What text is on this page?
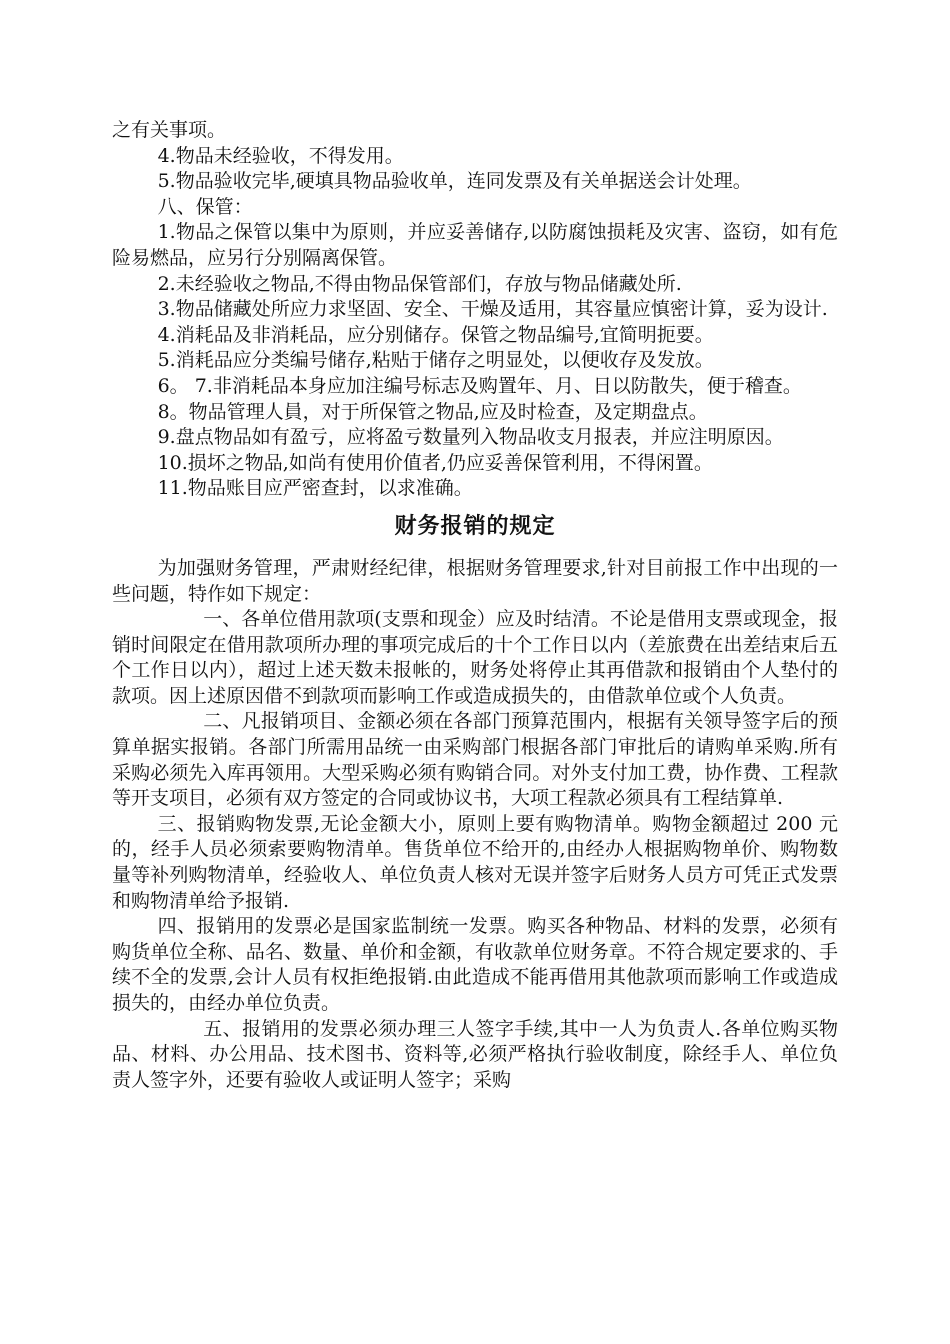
之有关事项。

4.物品未经验收，不得发用。

5.物品验收完毕,硬填具物品验收单，连同发票及有关单据送会计处理。

八、保管：

1.物品之保管以集中为原则，并应妥善储存,以防腐蚀损耗及灾害、盗窃，如有危险易燃品，应另行分别隔离保管。

2.未经验收之物品,不得由物品保管部们，存放与物品储藏处所.

3.物品储藏处所应力求坚固、安全、干燥及适用，其容量应慎密计算，妥为设计.

4.消耗品及非消耗品，应分别储存。保管之物品编号,宜简明扼要。

5.消耗品应分类编号储存,粘贴于储存之明显处，以便收存及发放。

6。 7.非消耗品本身应加注编号标志及购置年、月、日以防散失，便于稽查。

8。物品管理人員，对于所保管之物品,应及时检查，及定期盘点。

9.盘点物品如有盈亏，应将盈亏数量列入物品收支月报表，并应注明原因。

10.损坏之物品,如尚有使用价值者,仍应妥善保管利用，不得闲置。

11.物品账目应严密查封，以求准确。

财务报销的规定

为加强财务管理，严肃财经纪律，根据财务管理要求,针对目前报工作中出现的一些问题，特作如下规定：

一、各单位借用款项(支票和现金）应及时结清。不论是借用支票或现金，报销时间限定在借用款项所办理的事项完成后的十个工作日以内（差旅费在出差结束后五个工作日以内），超过上述天数未报帐的，财务处将停止其再借款和报销由个人垫付的款项。因上述原因借不到款项而影响工作或造成损失的，由借款单位或个人负责。

二、凡报销项目、金额必须在各部门预算范围内，根据有关领导签字后的预算单据实报销。各部门所需用品统一由采购部门根据各部门审批后的请购单采购.所有采购必须先入库再领用。大型采购必须有购销合同。对外支付加工费，协作费、工程款等开支项目，必须有双方签定的合同或协议书，大项工程款必须具有工程结算单.

三、报销购物发票,无论金额大小，原则上要有购物清单。购物金额超过 200 元的，经手人员必须索要购物清单。售货单位不给开的,由经办人根据购物单价、购物数量等补列购物清单，经验收人、单位负责人核对无误并签字后财务人员方可凭正式发票和购物清单给予报销.

四、报销用的发票必是国家监制统一发票。购买各种物品、材料的发票，必须有购货单位全称、品名、数量、单价和金额，有收款单位财务章。不符合规定要求的、手续不全的发票,会计人员有权拒绝报销.由此造成不能再借用其他款项而影响工作或造成损失的，由经办单位负责。

五、报销用的发票必须办理三人签字手续,其中一人为负责人.各单位购买物品、材料、办公用品、技术图书、资料等,必须严格执行验收制度，除经手人、单位负责人签字外，还要有验收人或证明人签字；采购
